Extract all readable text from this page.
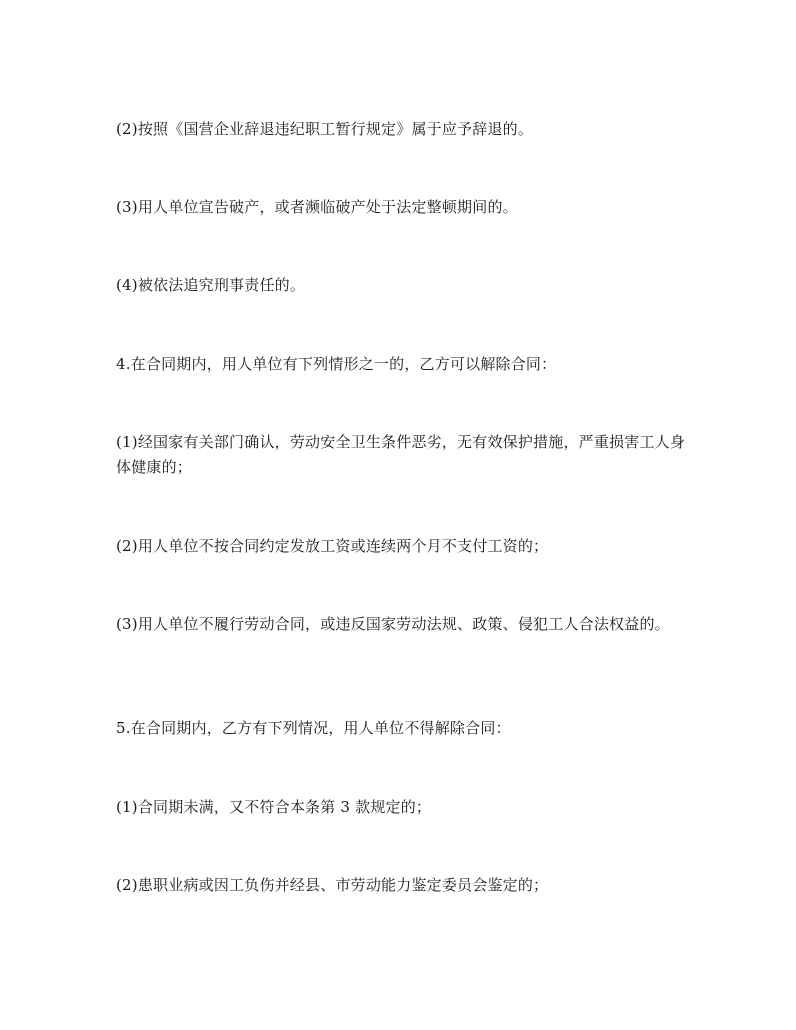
(2)按照《国营企业辞退违纪职工暂行规定》属于应予辞退的。

(3)用人单位宣告破产，或者濒临破产处于法定整顿期间的。

(4)被依法追究刑事责任的。

4.在合同期内，用人单位有下列情形之一的，乙方可以解除合同：

(1)经国家有关部门确认，劳动安全卫生条件恶劣，无有效保护措施，严重损害工人身体健康的；

(2)用人单位不按合同约定发放工资或连续两个月不支付工资的；

(3)用人单位不履行劳动合同，或违反国家劳动法规、政策、侵犯工人合法权益的。

5.在合同期内，乙方有下列情况，用人单位不得解除合同：

(1)合同期未满，又不符合本条第 3 款规定的；

(2)患职业病或因工负伤并经县、市劳动能力鉴定委员会鉴定的；
